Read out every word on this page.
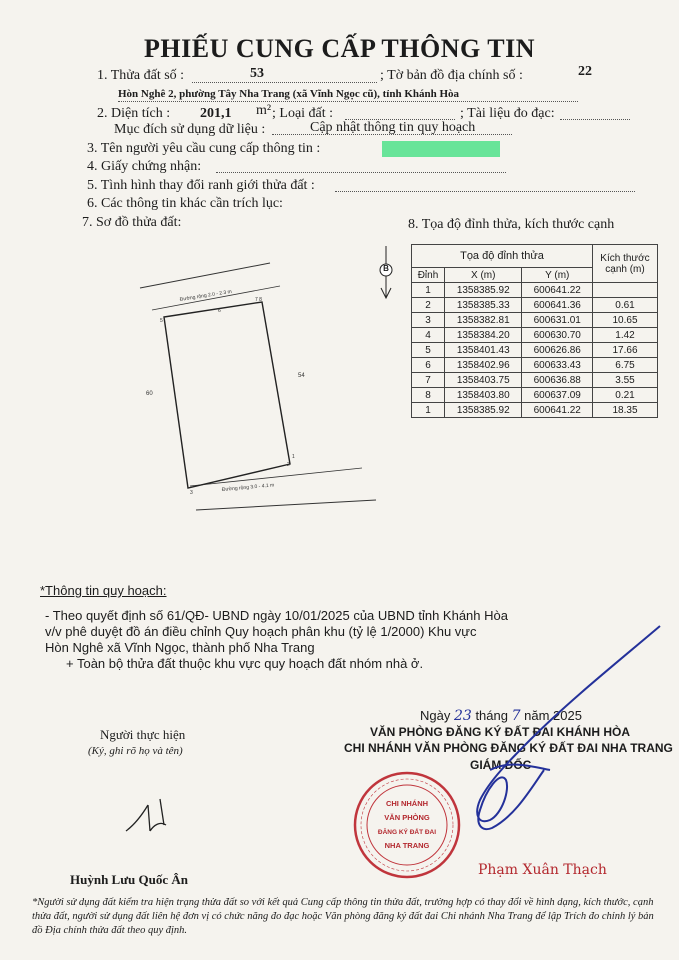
PHIẾU CUNG CẤP THÔNG TIN
1. Thửa đất số :	53	; Tờ bản đồ địa chính số :	22
Hòn Nghê 2, phường Tây Nha Trang (xã Vĩnh Ngọc cũ), tỉnh Khánh Hòa
2. Diện tích : 201,1 m² ; Loại đất :	; Tài liệu đo đạc:
Mục đích sử dụng dữ liệu :	Cập nhật thông tin quy hoạch
3. Tên người yêu cầu cung cấp thông tin :
4. Giấy chứng nhận:
5. Tình hình thay đổi ranh giới thửa đất :
6. Các thông tin khác cần trích lục:
7. Sơ đồ thửa đất:	8. Tọa độ đỉnh thửa, kích thước cạnh
Đường rộng 2.0 - 2.3 m
Đường rộng 3.0 - 4.1 m
60
54
5
6
7 8
3
2
1
B
Tọa độ đỉnh thửa			Kích thước cạnh (m)
Đỉnh	X (m)	Y (m)	
1	1358385.92	600641.22	
2	1358385.33	600641.36	0.61
3	1358382.81	600631.01	10.65
4	1358384.20	600630.70	1.42
5	1358401.43	600626.86	17.66
6	1358402.96	600633.43	6.75
7	1358403.75	600636.88	3.55
8	1358403.80	600637.09	0.21
1	1358385.92	600641.22	18.35
*Thông tin quy hoạch:
- Theo quyết định số 61/QĐ- UBND ngày 10/01/2025 của UBND tỉnh Khánh Hòa
v/v phê duyệt đồ án điều chỉnh Quy hoạch phân khu (tỷ lệ 1/2000) Khu vực
Hòn Nghê xã Vĩnh Ngọc, thành phố Nha Trang
+ Toàn bộ thửa đất thuộc khu vực quy hoạch đất nhóm nhà ở.
Ngày 23 tháng 7 năm 2025
VĂN PHÒNG ĐĂNG KÝ ĐẤT ĐAI KHÁNH HÒA
CHI NHÁNH VĂN PHÒNG ĐĂNG KÝ ĐẤT ĐAI NHA TRANG
GIÁM ĐỐC
Người thực hiện
(Ký, ghi rõ họ và tên)
Huỳnh Lưu Quốc Ân
CHI NHÁNH
VĂN PHÒNG
ĐĂNG KÝ ĐẤT ĐAI
NHA TRANG
Phạm Xuân Thạch
*Người sử dụng đất kiểm tra hiện trạng thửa đất so với kết quả Cung cấp thông tin thửa đất, trường hợp có thay đổi về hình dạng, kích thước, cạnh thửa đất, người sử dụng đất liên hệ đơn vị có chức năng đo đạc hoặc Văn phòng đăng ký đất đai Chi nhánh Nha Trang để lập Trích đo chỉnh lý bản đồ Địa chính thửa đất theo quy định.
